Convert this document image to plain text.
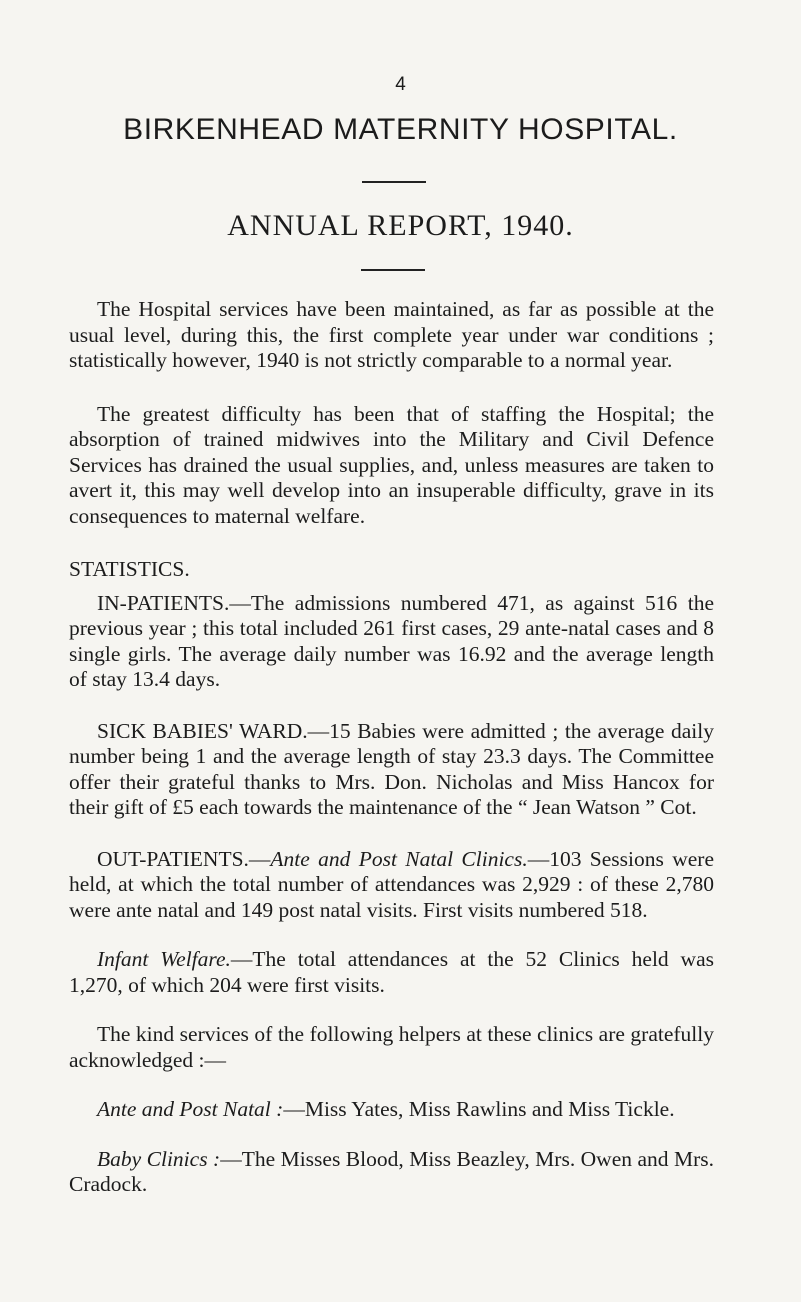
4
BIRKENHEAD MATERNITY HOSPITAL.
ANNUAL REPORT, 1940.

The Hospital services have been maintained, as far as possible at the usual level, during this, the first complete year under war conditions ; statistically however, 1940 is not strictly comparable to a normal year.

The greatest difficulty has been that of staffing the Hospital; the absorption of trained midwives into the Military and Civil Defence Services has drained the usual supplies, and, unless measures are taken to avert it, this may well develop into an insuperable difficulty, grave in its consequences to maternal welfare.

STATISTICS.

IN-PATIENTS.—The admissions numbered 471, as against 516 the previous year ; this total included 261 first cases, 29 ante-natal cases and 8 single girls. The average daily number was 16.92 and the average length of stay 13.4 days.

SICK BABIES' WARD.—15 Babies were admitted ; the average daily number being 1 and the average length of stay 23.3 days. The Committee offer their grateful thanks to Mrs. Don. Nicholas and Miss Hancox for their gift of £5 each towards the maintenance of the “ Jean Watson ” Cot.

OUT-PATIENTS.—Ante and Post Natal Clinics.—103 Sessions were held, at which the total number of attendances was 2,929 : of these 2,780 were ante natal and 149 post natal visits. First visits numbered 518.

Infant Welfare.—The total attendances at the 52 Clinics held was 1,270, of which 204 were first visits.

The kind services of the following helpers at these clinics are gratefully acknowledged :—

Ante and Post Natal :—Miss Yates, Miss Rawlins and Miss Tickle.

Baby Clinics :—The Misses Blood, Miss Beazley, Mrs. Owen and Mrs. Cradock.
